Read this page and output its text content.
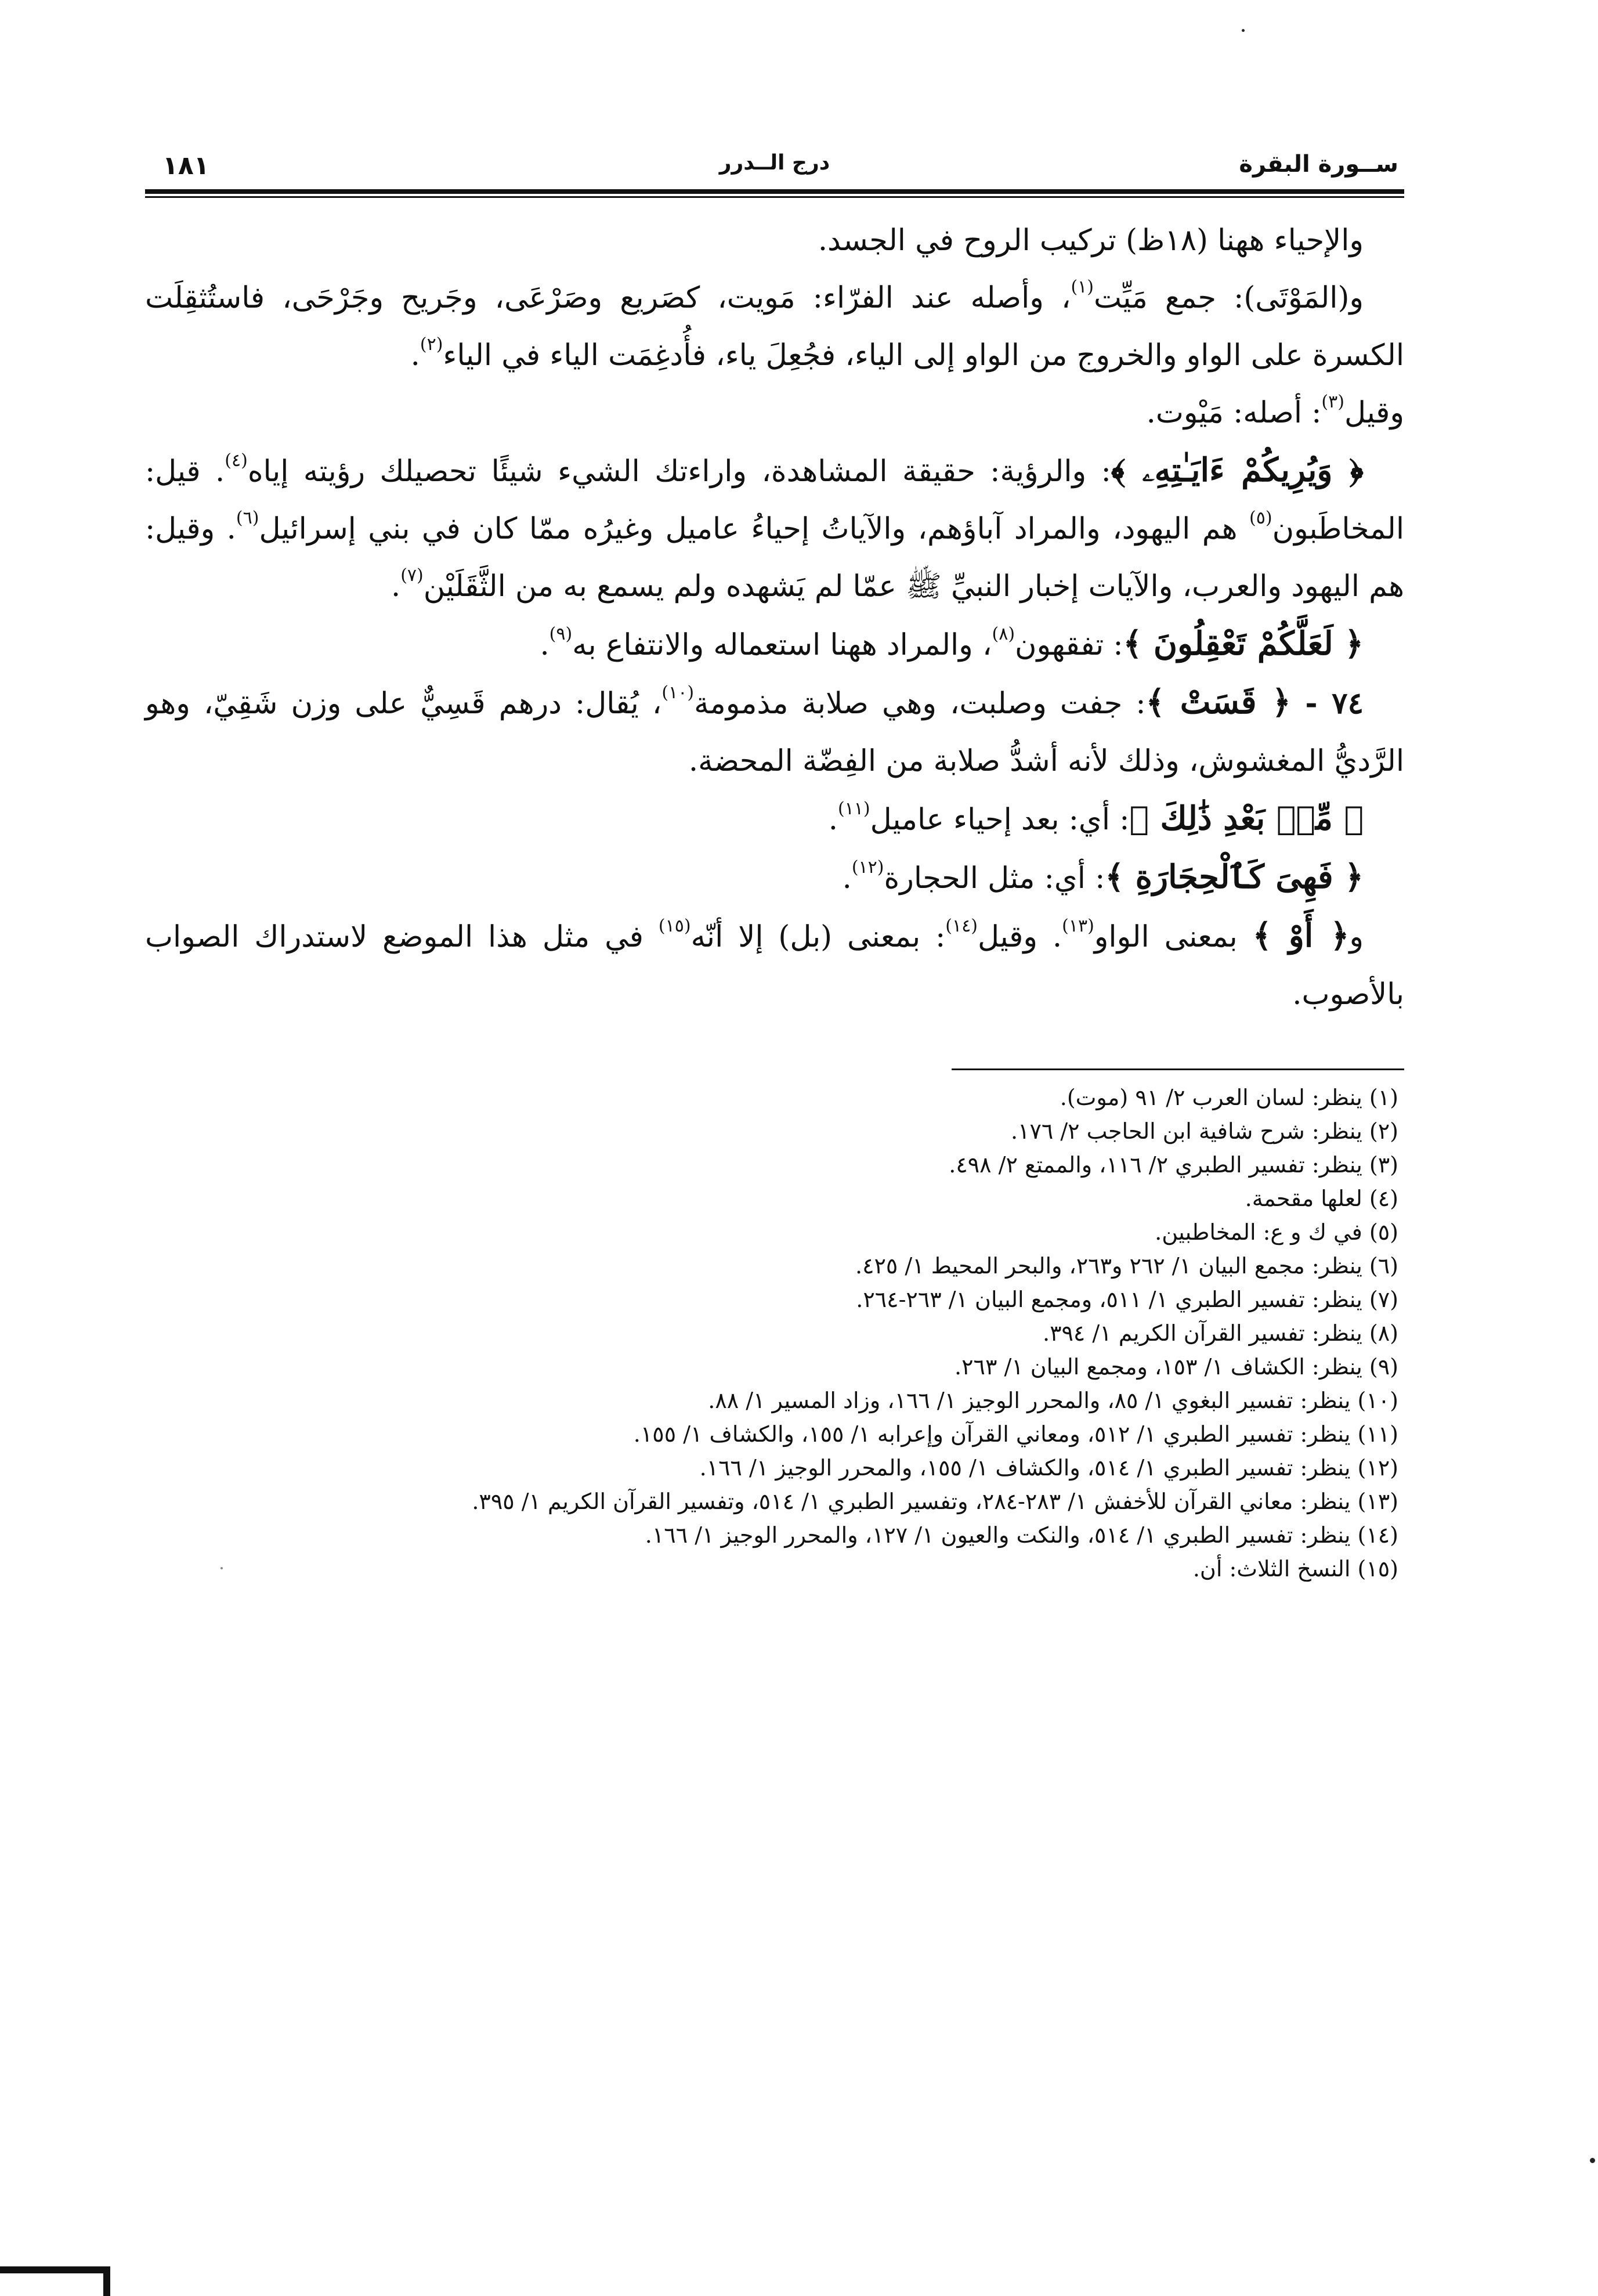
ســورة البقرة
درج الــدرر
١٨١

والإحياء ههنا (١٨ظ) تركيب الروح في الجسد.

و(المَوْتَى): جمع مَيِّت$^{(١)}$، وأصله عند الفرّاء: مَويت، كصَريع وصَرْعَى، وجَريح وجَرْحَى، فاستُثقِلَت الكسرة على الواو والخروج من الواو إلى الياء، فجُعِلَ ياء، فأُدغِمَت الياء في الياء$^{(٢)}$.

وقيل$^{(٣)}$: أصله: مَيْوت.

﴿ وَيُرِيكُمْ ءَايَـٰتِهِۦ ﴾: والرؤية: حقيقة المشاهدة، واراءتك الشيء شيئًا تحصيلك رؤيته إياه$^{(٤)}$. قيل: المخاطَبون$^{(٥)}$ هم اليهود، والمراد آباؤهم، والآياتُ إحياءُ عاميل وغيرُه ممّا كان في بني إسرائيل$^{(٦)}$. وقيل: هم اليهود والعرب، والآيات إخبار النبيِّ ﷺ عمّا لم يَشهده ولم يسمع به من الثَّقَلَيْن$^{(٧)}$.

﴿ لَعَلَّكُمْ تَعْقِلُونَ ﴾: تفقهون$^{(٨)}$، والمراد ههنا استعماله والانتفاع به$^{(٩)}$.

٧٤ - ﴿ قَسَتْ ﴾: جفت وصلبت، وهي صلابة مذمومة$^{(١٠)}$، يُقال: درهم قَسِيٌّ على وزن شَقِيّ، وهو الرَّديُّ المغشوش، وذلك لأنه أشدُّ صلابة من الفِضّة المحضة.

﴿ مِّنۢ بَعْدِ ذَٰلِكَ ﴾: أي: بعد إحياء عاميل$^{(١١)}$.

﴿ فَهِىَ كَٱلْحِجَارَةِ ﴾: أي: مثل الحجارة$^{(١٢)}$.

و﴿ أَوْ ﴾ بمعنى الواو$^{(١٣)}$. وقيل$^{(١٤)}$: بمعنى (بل) إلا أنّه$^{(١٥)}$ في مثل هذا الموضع لاستدراك الصواب بالأصوب.

(١) ينظر: لسان العرب ٢/ ٩١ (موت).
(٢) ينظر: شرح شافية ابن الحاجب ٢/ ١٧٦.
(٣) ينظر: تفسير الطبري ٢/ ١١٦، والممتع ٢/ ٤٩٨.
(٤) لعلها مقحمة.
(٥) في ك و ع: المخاطبين.
(٦) ينظر: مجمع البيان ١/ ٢٦٢ و٢٦٣، والبحر المحيط ١/ ٤٢٥.
(٧) ينظر: تفسير الطبري ١/ ٥١١، ومجمع البيان ١/ ٢٦٣-٢٦٤.
(٨) ينظر: تفسير القرآن الكريم ١/ ٣٩٤.
(٩) ينظر: الكشاف ١/ ١٥٣، ومجمع البيان ١/ ٢٦٣.
(١٠) ينظر: تفسير البغوي ١/ ٨٥، والمحرر الوجيز ١/ ١٦٦، وزاد المسير ١/ ٨٨.
(١١) ينظر: تفسير الطبري ١/ ٥١٢، ومعاني القرآن وإعرابه ١/ ١٥٥، والكشاف ١/ ١٥٥.
(١٢) ينظر: تفسير الطبري ١/ ٥١٤، والكشاف ١/ ١٥٥، والمحرر الوجيز ١/ ١٦٦.
(١٣) ينظر: معاني القرآن للأخفش ١/ ٢٨٣-٢٨٤، وتفسير الطبري ١/ ٥١٤، وتفسير القرآن الكريم ١/ ٣٩٥.
(١٤) ينظر: تفسير الطبري ١/ ٥١٤، والنكت والعيون ١/ ١٢٧، والمحرر الوجيز ١/ ١٦٦.
(١٥) النسخ الثلاث: أن.
